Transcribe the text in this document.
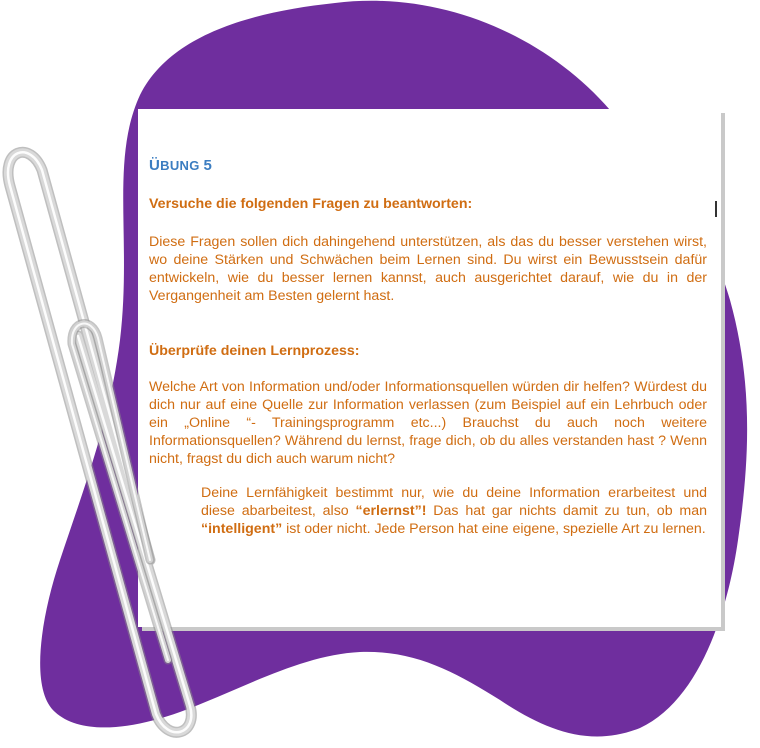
ÜBUNG 5

Versuche die folgenden Fragen zu beantworten:

Diese Fragen sollen dich dahingehend unterstützen, als das du besser verstehen wirst, wo deine Stärken und Schwächen beim Lernen sind. Du wirst ein Bewusstsein dafür entwickeln, wie du besser lernen kannst, auch ausgerichtet darauf, wie du in der Vergangenheit am Besten gelernt hast.

Überprüfe deinen Lernprozess:

Welche Art von Information und/oder Informationsquellen würden dir helfen? Würdest du dich nur auf eine Quelle zur Information verlassen (zum Beispiel auf ein Lehrbuch oder ein „Online “- Trainingsprogramm etc...) Brauchst du auch noch weitere Informationsquellen? Während du lernst, frage dich, ob du alles verstanden hast ? Wenn nicht, fragst du dich auch warum nicht?

Deine Lernfähigkeit bestimmt nur, wie du deine Information erarbeitest und diese abarbeitest, also “erlernst”! Das hat gar nichts damit zu tun, ob man “intelligent” ist oder nicht. Jede Person hat eine eigene, spezielle Art zu lernen.
